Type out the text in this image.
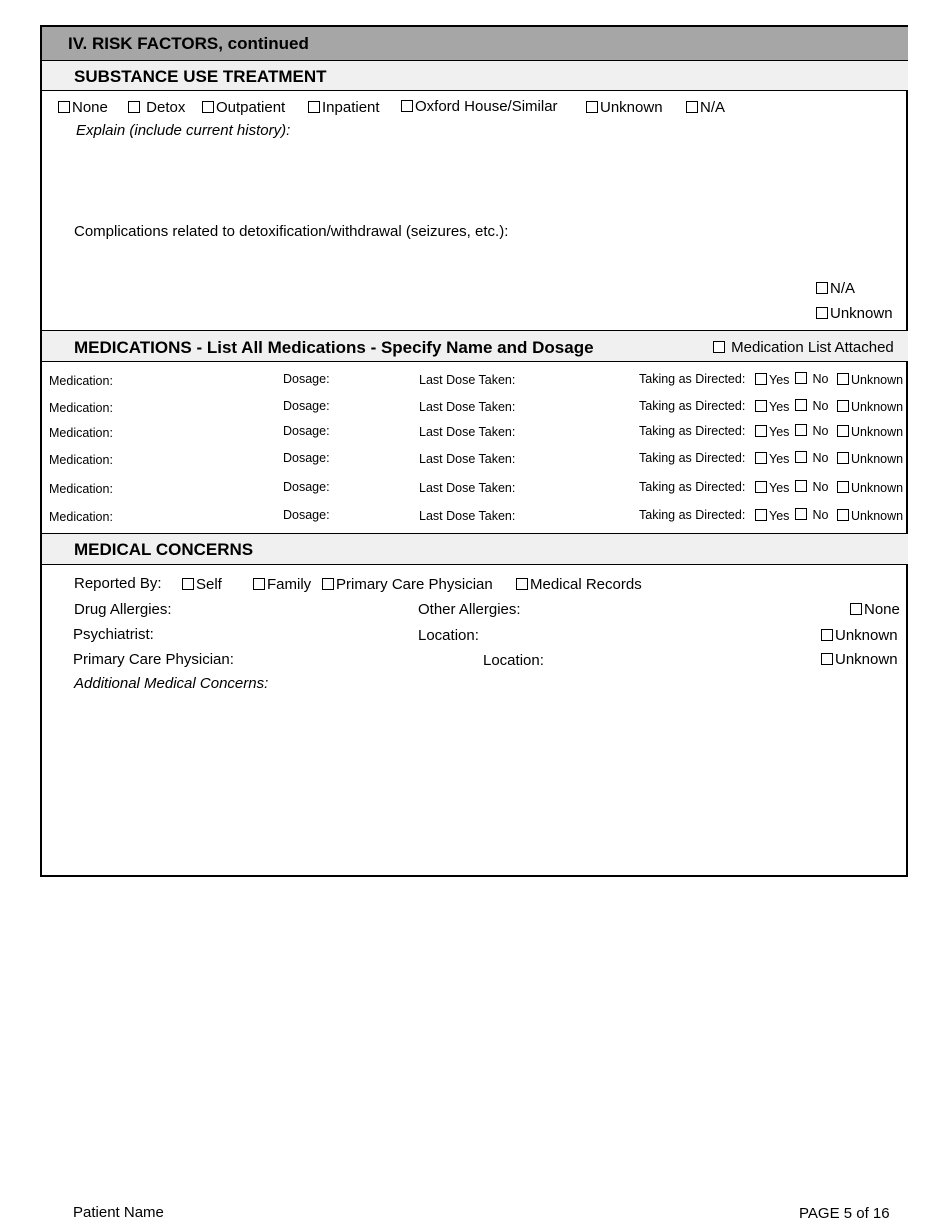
IV. RISK FACTORS, continued
SUBSTANCE USE TREATMENT
None	Detox	Outpatient	Inpatient	Oxford House/Similar	Unknown	N/A
Explain (include current history):
Complications related to detoxification/withdrawal (seizures, etc.):
N/A
Unknown
MEDICATIONS - List All Medications - Specify Name and Dosage	Medication List Attached
Medication:	Dosage:	Last Dose Taken:	Taking as Directed:	Yes	No	Unknown
Medication:	Dosage:	Last Dose Taken:	Taking as Directed:	Yes	No	Unknown
Medication:	Dosage:	Last Dose Taken:	Taking as Directed:	Yes	No	Unknown
Medication:	Dosage:	Last Dose Taken:	Taking as Directed:	Yes	No	Unknown
Medication:	Dosage:	Last Dose Taken:	Taking as Directed:	Yes	No	Unknown
Medication:	Dosage:	Last Dose Taken:	Taking as Directed:	Yes	No	Unknown
MEDICAL CONCERNS
Reported By:	Self	Family	Primary Care Physician	Medical Records
Drug Allergies:	Other Allergies:	None
Psychiatrist:	Location:	Unknown
Primary Care Physician:	Location:	Unknown
Additional Medical Concerns:
Patient Name	PAGE 5 of 16
